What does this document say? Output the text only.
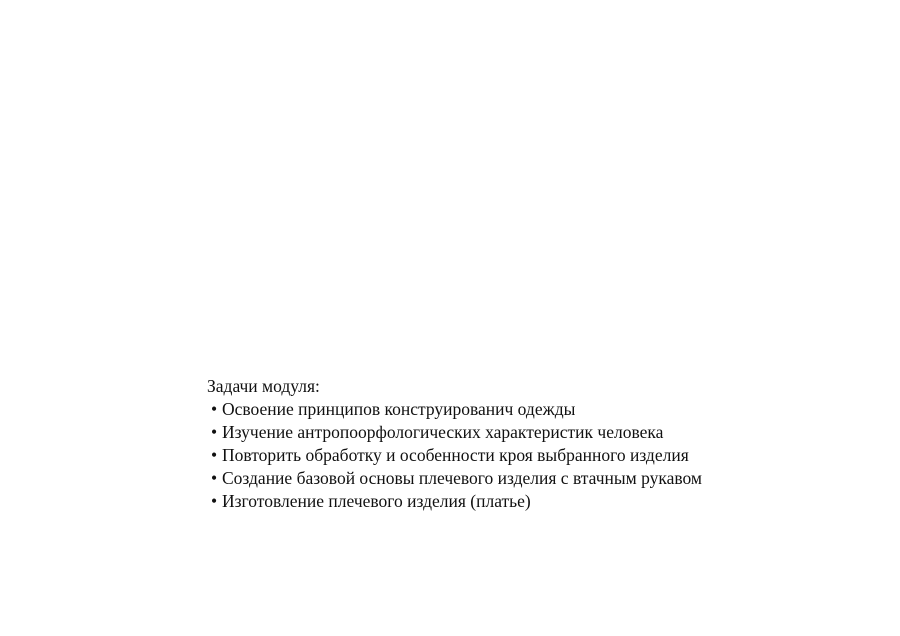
Задачи модуля:

• Освоение принципов конструированич одежды
• Изучение антропоорфологических характеристик человека
• Повторить обработку и особенности кроя выбранного изделия
• Создание базовой основы плечевого изделия с втачным рукавом
• Изготовление плечевого изделия (платье)
